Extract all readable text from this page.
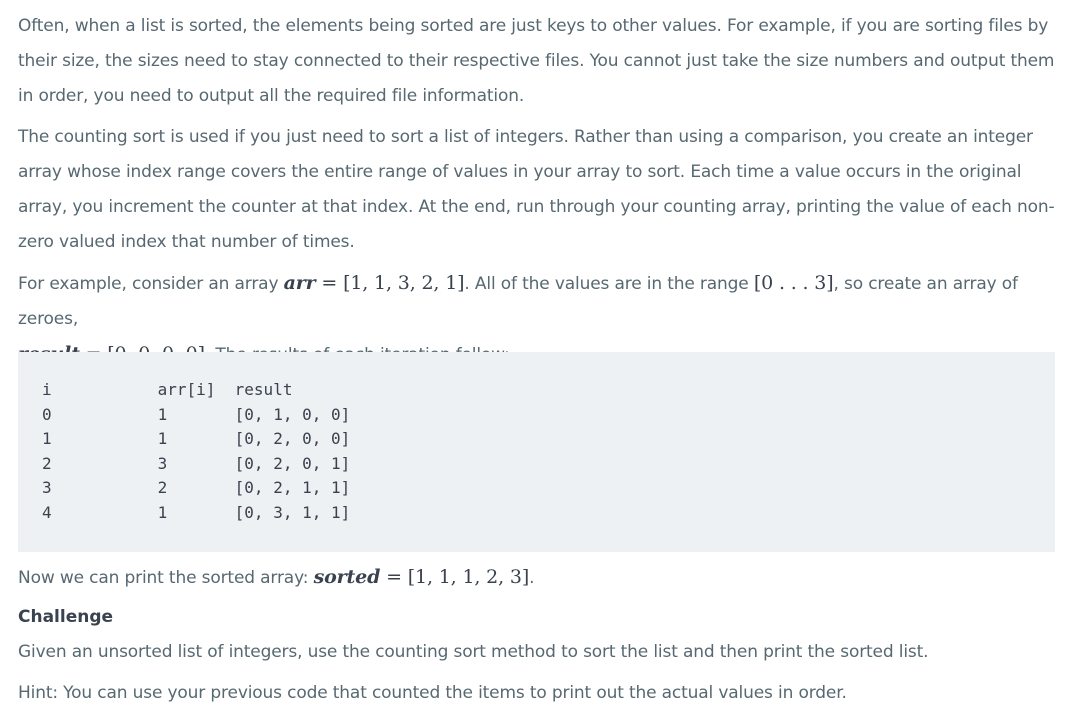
Often, when a list is sorted, the elements being sorted are just keys to other values. For example, if you are sorting files by their size, the sizes need to stay connected to their respective files. You cannot just take the size numbers and output them in order, you need to output all the required file information.

The counting sort is used if you just need to sort a list of integers. Rather than using a comparison, you create an integer array whose index range covers the entire range of values in your array to sort. Each time a value occurs in the original array, you increment the counter at that index. At the end, run through your counting array, printing the value of each non-zero valued index that number of times.

For example, consider an array arr = [1, 1, 3, 2, 1]. All of the values are in the range [0 . . . 3], so create an array of zeroes,

i           arr[i]  result
0           1       [0, 1, 0, 0]
1           1       [0, 2, 0, 0]
2           3       [0, 2, 0, 1]
3           2       [0, 2, 1, 1]
4           1       [0, 3, 1, 1]

Now we can print the sorted array: sorted = [1, 1, 1, 2, 3].

Challenge

Given an unsorted list of integers, use the counting sort method to sort the list and then print the sorted list.

Hint: You can use your previous code that counted the items to print out the actual values in order.
